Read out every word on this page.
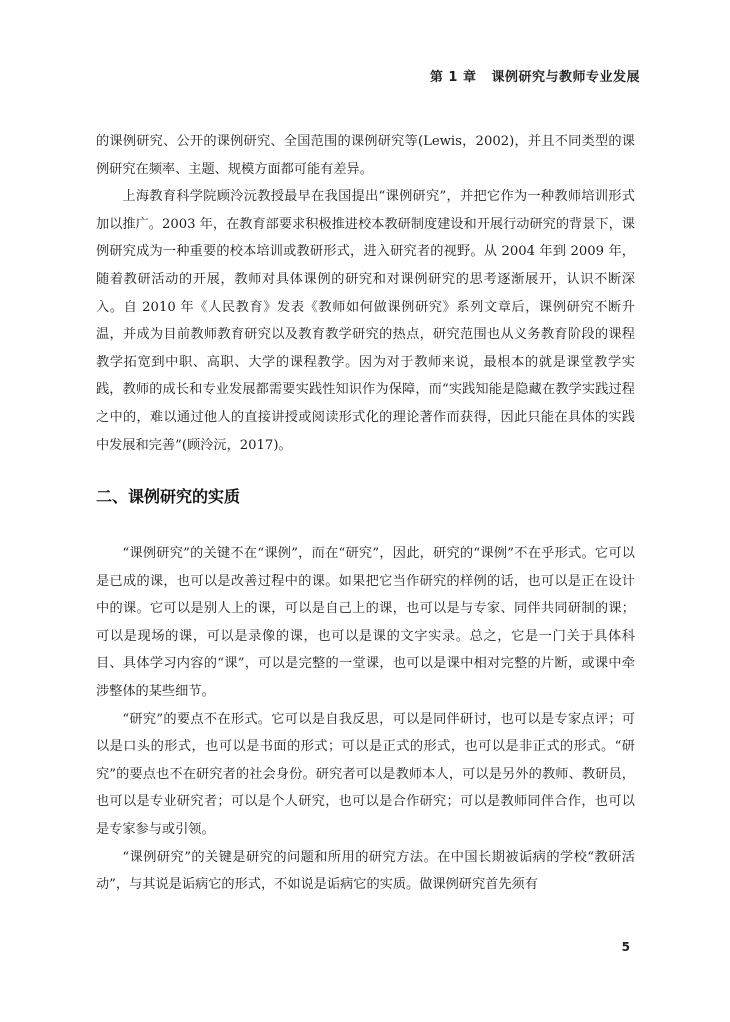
第 1 章 课例研究与教师专业发展

的课例研究、公开的课例研究、全国范围的课例研究等(Lewis，2002)，并且不同类型的课例研究在频率、主题、规模方面都可能有差异。

上海教育科学院顾泠沅教授最早在我国提出“课例研究”，并把它作为一种教师培训形式加以推广。2003 年，在教育部要求积极推进校本教研制度建设和开展行动研究的背景下，课例研究成为一种重要的校本培训或教研形式，进入研究者的视野。从 2004 年到 2009 年，随着教研活动的开展，教师对具体课例的研究和对课例研究的思考逐渐展开，认识不断深入。自 2010 年《人民教育》发表《教师如何做课例研究》系列文章后，课例研究不断升温，并成为目前教师教育研究以及教育教学研究的热点，研究范围也从义务教育阶段的课程教学拓宽到中职、高职、大学的课程教学。因为对于教师来说，最根本的就是课堂教学实践，教师的成长和专业发展都需要实践性知识作为保障，而“实践知能是隐藏在教学实践过程之中的，难以通过他人的直接讲授或阅读形式化的理论著作而获得，因此只能在具体的实践中发展和完善”(顾泠沅，2017)。

二、课例研究的实质

“课例研究”的关键不在“课例”，而在“研究”，因此，研究的“课例”不在乎形式。它可以是已成的课，也可以是改善过程中的课。如果把它当作研究的样例的话，也可以是正在设计中的课。它可以是别人上的课，可以是自己上的课，也可以是与专家、同伴共同研制的课；可以是现场的课，可以是录像的课，也可以是课的文字实录。总之，它是一门关于具体科目、具体学习内容的“课”，可以是完整的一堂课，也可以是课中相对完整的片断，或课中牵涉整体的某些细节。

“研究”的要点不在形式。它可以是自我反思，可以是同伴研讨，也可以是专家点评；可以是口头的形式，也可以是书面的形式；可以是正式的形式，也可以是非正式的形式。“研究”的要点也不在研究者的社会身份。研究者可以是教师本人，可以是另外的教师、教研员，也可以是专业研究者；可以是个人研究，也可以是合作研究；可以是教师同伴合作，也可以是专家参与或引领。

“课例研究”的关键是研究的问题和所用的研究方法。在中国长期被诟病的学校“教研活动”，与其说是诟病它的形式，不如说是诟病它的实质。做课例研究首先须有

5
